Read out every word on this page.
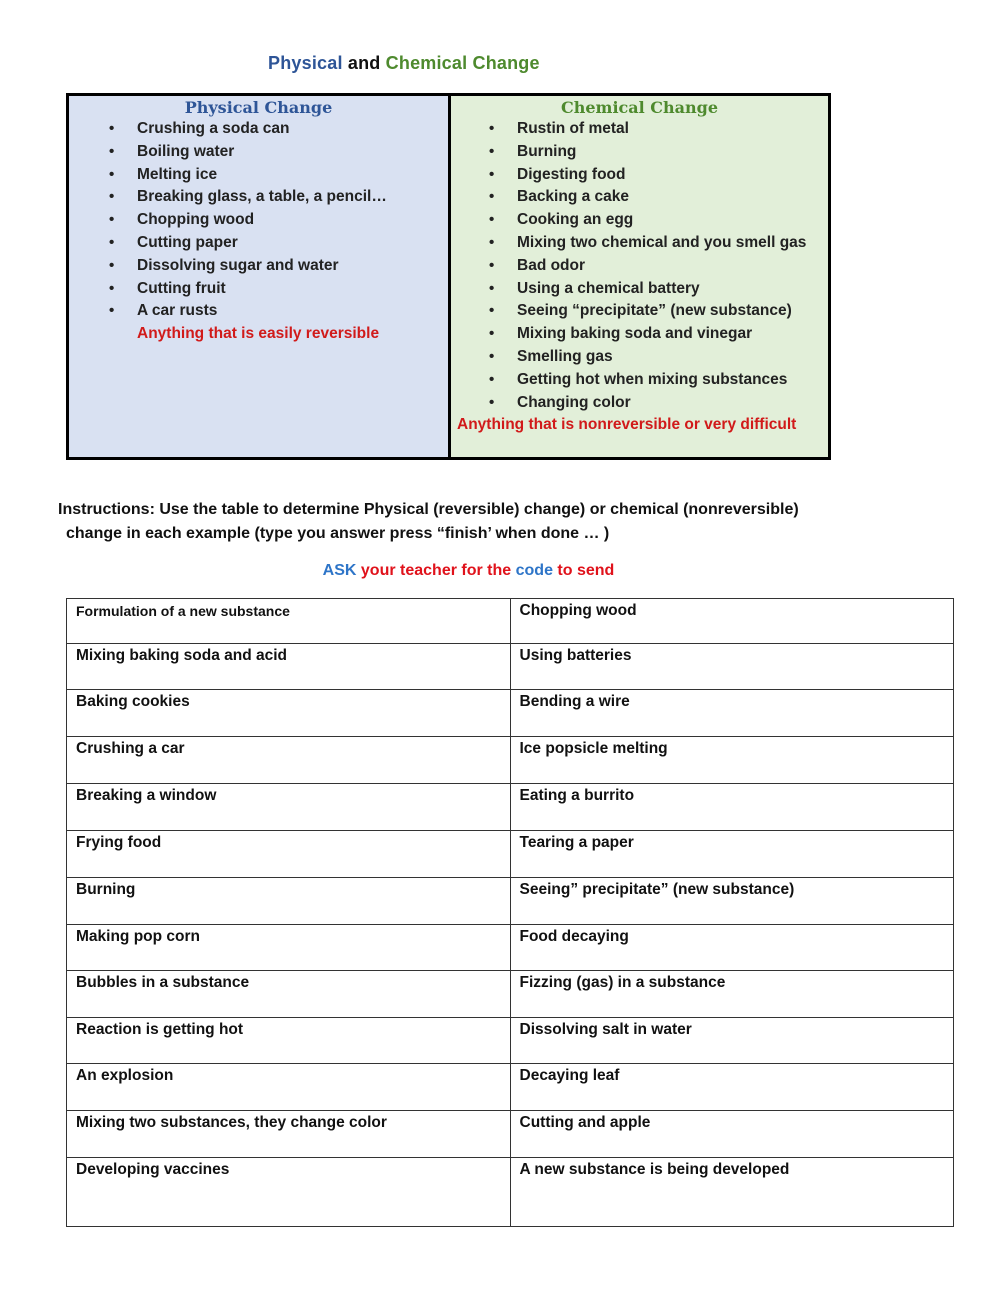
Physical and Chemical Change
Physical Change
• Crushing a soda can
• Boiling water
• Melting ice
• Breaking glass, a table, a pencil…
• Chopping wood
• Cutting paper
• Dissolving sugar and water
• Cutting fruit
• A car rusts
Anything that is easily reversible
Chemical Change
• Rustin of metal
• Burning
• Digesting food
• Backing a cake
• Cooking an egg
• Mixing two chemical and you smell gas
• Bad odor
• Using a chemical battery
• Seeing “precipitate” (new substance)
• Mixing baking soda and vinegar
• Smelling gas
• Getting hot when mixing substances
• Changing color
Anything that is nonreversible or very difficult
Instructions: Use the table to determine Physical (reversible) change) or chemical (nonreversible)
change in each example (type you answer press “finish’ when done … )
ASK your teacher for the code to send
Formulation of a new substance	Chopping wood
Mixing baking soda and acid	Using batteries
Baking cookies	Bending a wire
Crushing a car	Ice popsicle melting
Breaking a window	Eating a burrito
Frying food	Tearing a paper
Burning	Seeing” precipitate” (new substance)
Making pop corn	Food decaying
Bubbles in a substance	Fizzing (gas) in a substance
Reaction is getting hot	Dissolving salt in water
An explosion	Decaying leaf
Mixing two substances, they change color	Cutting and apple
Developing vaccines	A new substance is being developed
